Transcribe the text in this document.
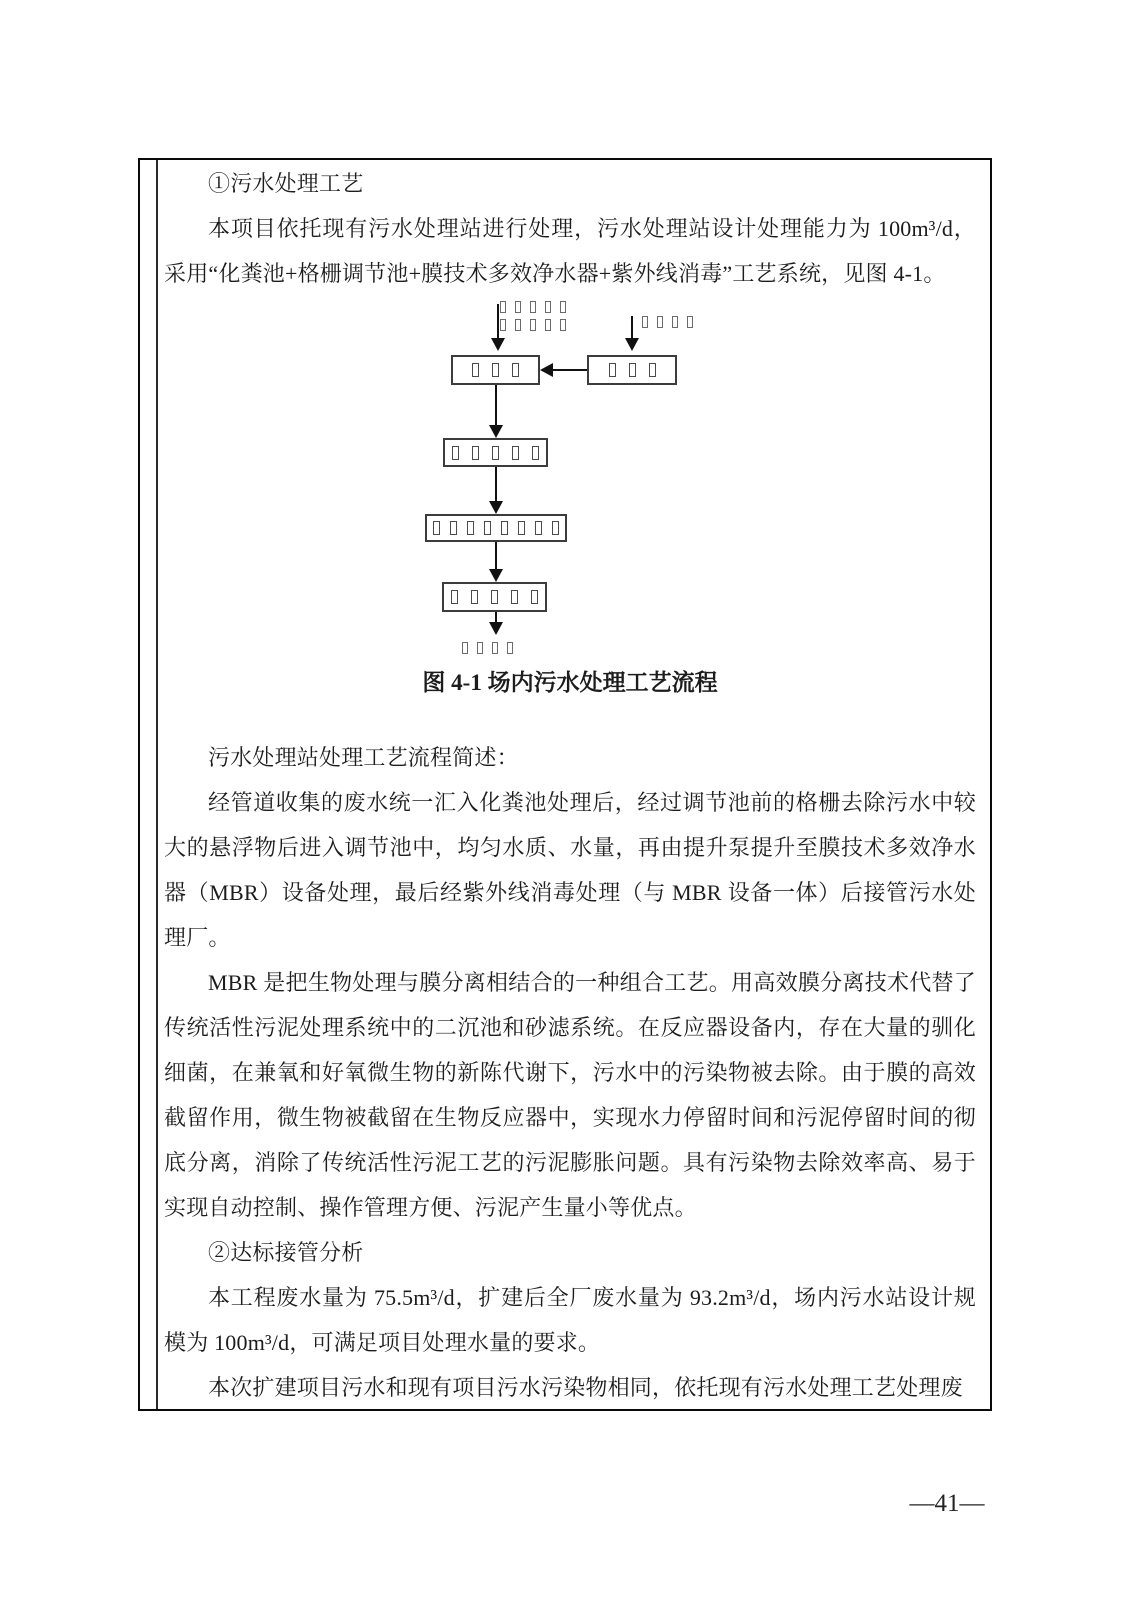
①污水处理工艺

本项目依托现有污水处理站进行处理，污水处理站设计处理能力为 100m³/d，采用“化粪池+格栅调节池+膜技术多效净水器+紫外线消毒”工艺系统，见图 4-1。

图 4-1 场内污水处理工艺流程

污水处理站处理工艺流程简述：

经管道收集的废水统一汇入化粪池处理后，经过调节池前的格栅去除污水中较大的悬浮物后进入调节池中，均匀水质、水量，再由提升泵提升至膜技术多效净水器（MBR）设备处理，最后经紫外线消毒处理（与 MBR 设备一体）后接管污水处理厂。

MBR 是把生物处理与膜分离相结合的一种组合工艺。用高效膜分离技术代替了传统活性污泥处理系统中的二沉池和砂滤系统。在反应器设备内，存在大量的驯化细菌，在兼氧和好氧微生物的新陈代谢下，污水中的污染物被去除。由于膜的高效截留作用，微生物被截留在生物反应器中，实现水力停留时间和污泥停留时间的彻底分离，消除了传统活性污泥工艺的污泥膨胀问题。具有污染物去除效率高、易于实现自动控制、操作管理方便、污泥产生量小等优点。

②达标接管分析

本工程废水量为 75.5m³/d，扩建后全厂废水量为 93.2m³/d，场内污水站设计规模为 100m³/d，可满足项目处理水量的要求。

本次扩建项目污水和现有项目污水污染物相同，依托现有污水处理工艺处理废

—41—
